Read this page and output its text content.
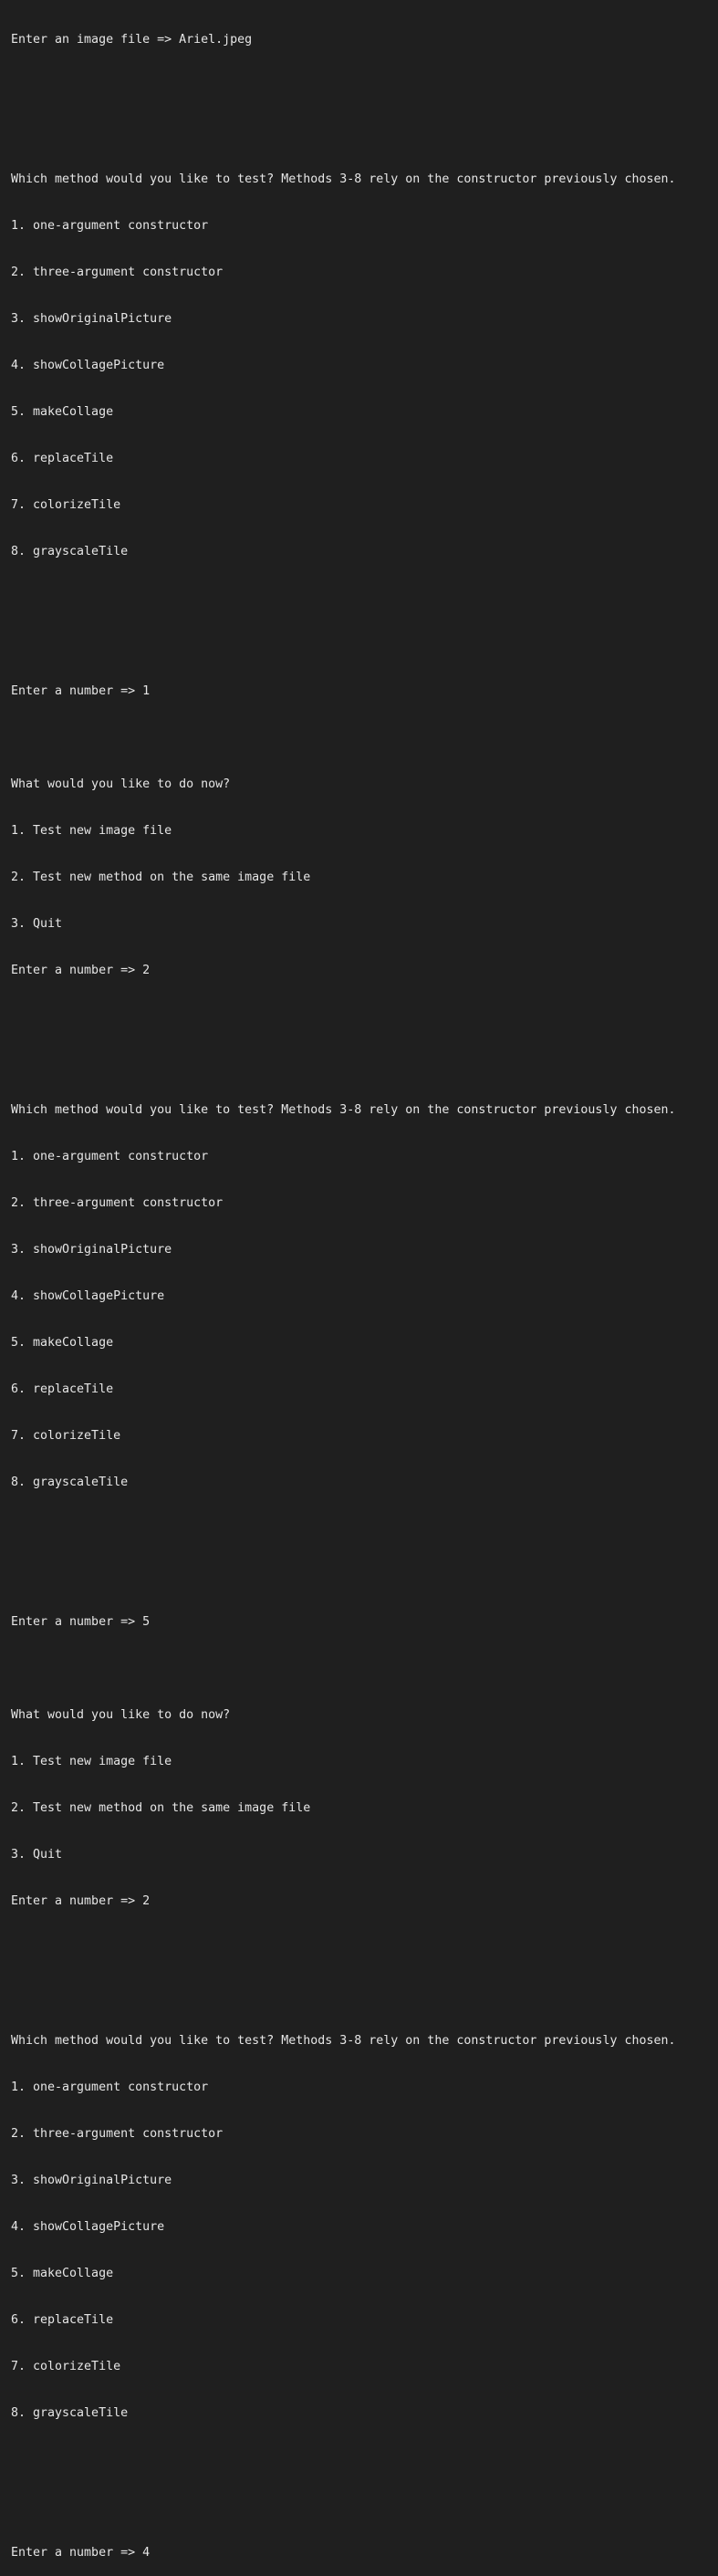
Enter an image file => Ariel.jpeg

Which method would you like to test? Methods 3-8 rely on the constructor previously chosen.

1. one-argument constructor

2. three-argument constructor

3. showOriginalPicture

4. showCollagePicture

5. makeCollage

6. replaceTile

7. colorizeTile

8. grayscaleTile

Enter a number => 1

What would you like to do now?

1. Test new image file

2. Test new method on the same image file

3. Quit

Enter a number => 2

Which method would you like to test? Methods 3-8 rely on the constructor previously chosen.

1. one-argument constructor

2. three-argument constructor

3. showOriginalPicture

4. showCollagePicture

5. makeCollage

6. replaceTile

7. colorizeTile

8. grayscaleTile

Enter a number => 5

What would you like to do now?

1. Test new image file

2. Test new method on the same image file

3. Quit

Enter a number => 2

Which method would you like to test? Methods 3-8 rely on the constructor previously chosen.

1. one-argument constructor

2. three-argument constructor

3. showOriginalPicture

4. showCollagePicture

5. makeCollage

6. replaceTile

7. colorizeTile

8. grayscaleTile

Enter a number => 4
